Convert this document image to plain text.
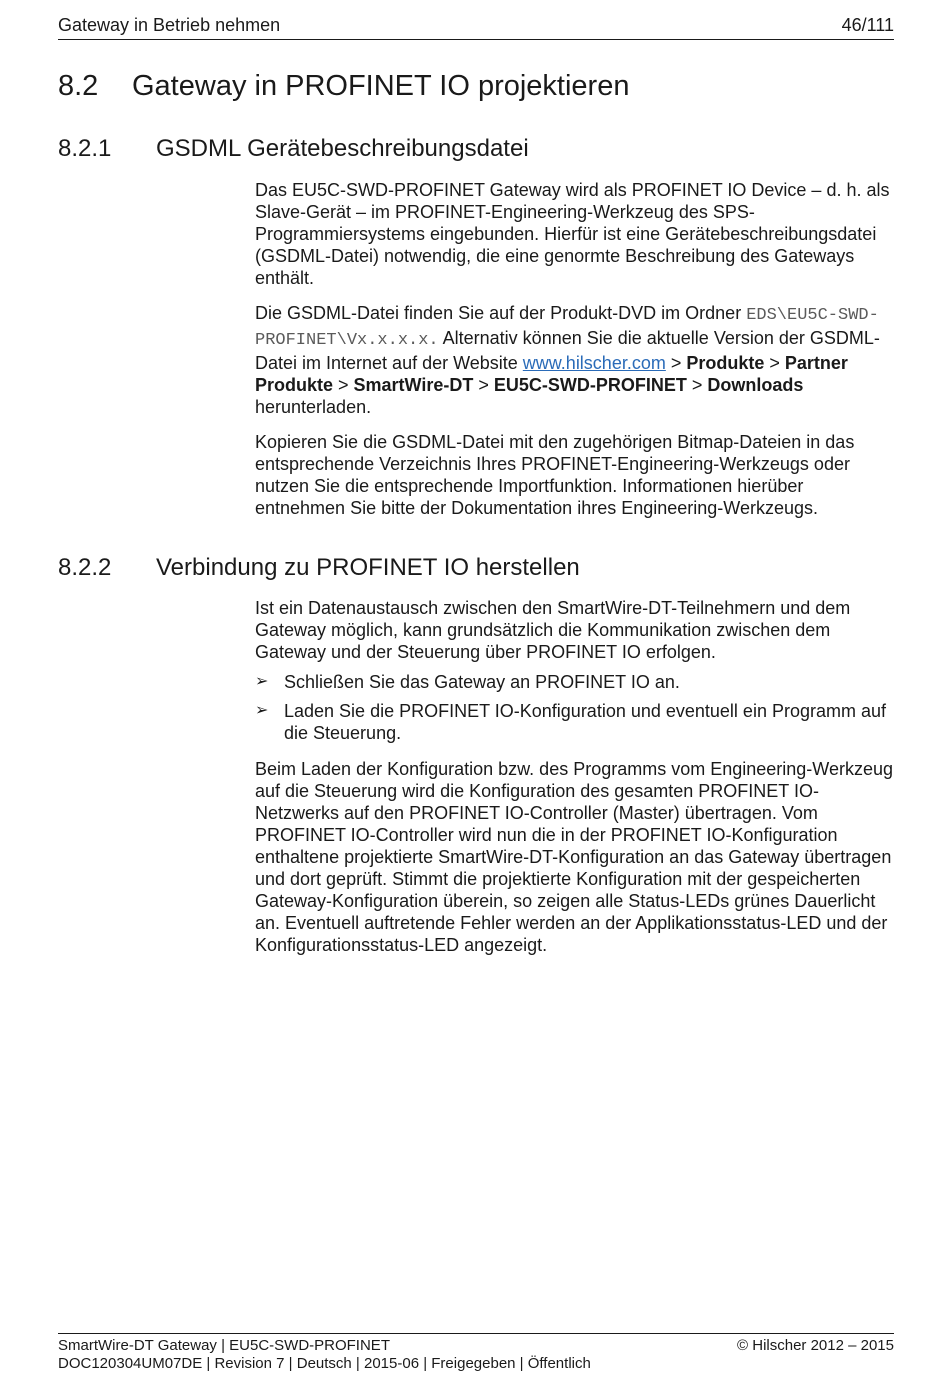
Gateway in Betrieb nehmen	46/111
8.2 Gateway in PROFINET IO projektieren
8.2.1 GSDML Gerätebeschreibungsdatei

Das EU5C-SWD-PROFINET Gateway wird als PROFINET IO Device – d. h. als Slave-Gerät – im PROFINET-Engineering-Werkzeug des SPS-Programmiersystems eingebunden. Hierfür ist eine Gerätebeschreibungsdatei (GSDML-Datei) notwendig, die eine genormte Beschreibung des Gateways enthält.

Die GSDML-Datei finden Sie auf der Produkt-DVD im Ordner EDS\EU5C-SWD-PROFINET\Vx.x.x.x. Alternativ können Sie die aktuelle Version der GSDML-Datei im Internet auf der Website www.hilscher.com > Produkte > Partner Produkte > SmartWire-DT > EU5C-SWD-PROFINET > Downloads herunterladen.

Kopieren Sie die GSDML-Datei mit den zugehörigen Bitmap-Dateien in das entsprechende Verzeichnis Ihres PROFINET-Engineering-Werkzeugs oder nutzen Sie die entsprechende Importfunktion. Informationen hierüber entnehmen Sie bitte der Dokumentation ihres Engineering-Werkzeugs.

8.2.2 Verbindung zu PROFINET IO herstellen

Ist ein Datenaustausch zwischen den SmartWire-DT-Teilnehmern und dem Gateway möglich, kann grundsätzlich die Kommunikation zwischen dem Gateway und der Steuerung über PROFINET IO erfolgen.

➢ Schließen Sie das Gateway an PROFINET IO an.
➢ Laden Sie die PROFINET IO-Konfiguration und eventuell ein Programm auf die Steuerung.

Beim Laden der Konfiguration bzw. des Programms vom Engineering-Werkzeug auf die Steuerung wird die Konfiguration des gesamten PROFINET IO-Netzwerks auf den PROFINET IO-Controller (Master) übertragen. Vom PROFINET IO-Controller wird nun die in der PROFINET IO-Konfiguration enthaltene projektierte SmartWire-DT-Konfiguration an das Gateway übertragen und dort geprüft. Stimmt die projektierte Konfiguration mit der gespeicherten Gateway-Konfiguration überein, so zeigen alle Status-LEDs grünes Dauerlicht an. Eventuell auftretende Fehler werden an der Applikationsstatus-LED und der Konfigurationsstatus-LED angezeigt.

SmartWire-DT Gateway | EU5C-SWD-PROFINET
DOC120304UM07DE | Revision 7 | Deutsch | 2015-06 | Freigegeben | Öffentlich
© Hilscher 2012 – 2015
